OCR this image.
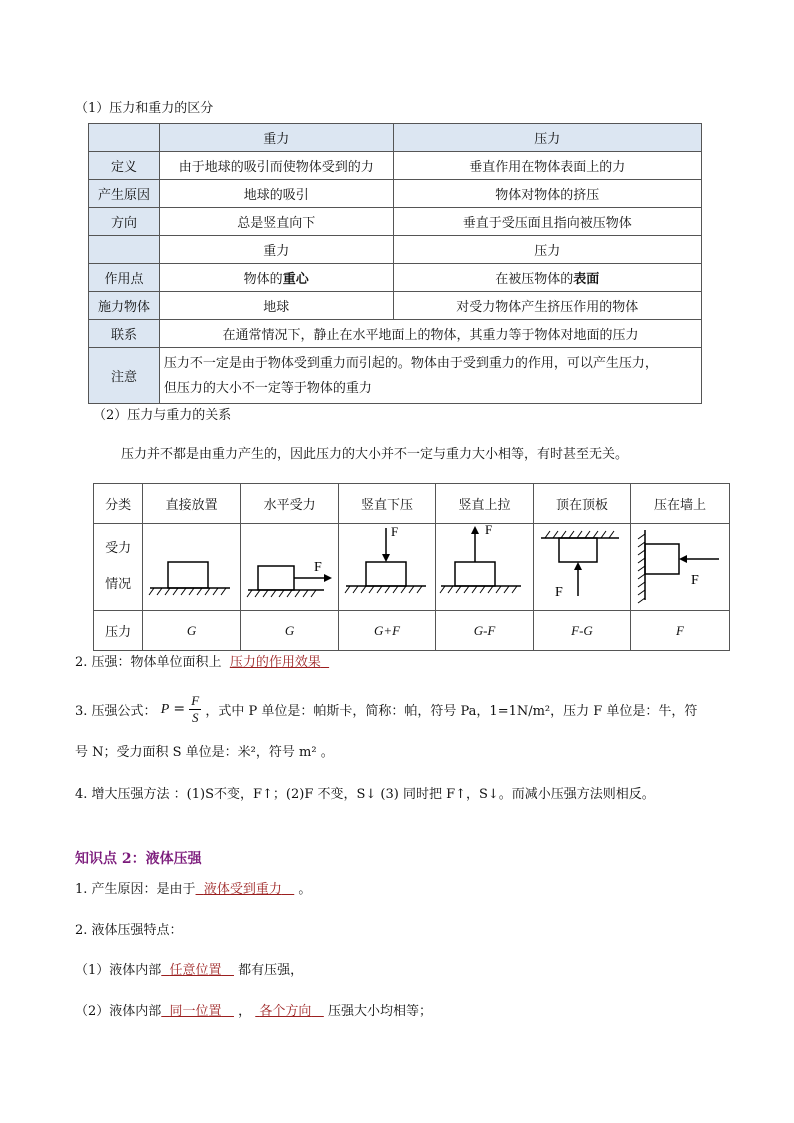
（1）压力和重力的区分
	重力	压力
定义	由于地球的吸引而使物体受到的力	垂直作用在物体表面上的力
产生原因	地球的吸引	物体对物体的挤压
方向	总是竖直向下	垂直于受压面且指向被压物体
	重力	压力
作用点	物体的重心	在被压物体的表面
施力物体	地球	对受力物体产生挤压作用的物体
联系	在通常情况下，静止在水平地面上的物体，其重力等于物体对地面的压力	
注意	压力不一定是由于物体受到重力而引起的。物体由于受到重力的作用，可以产生压力，
但压力的大小不一定等于物体的重力	
（2）压力与重力的关系
压力并不都是由重力产生的，因此压力的大小并不一定与重力大小相等，有时甚至无关。
分类	直接放置	水平受力	竖直下压	竖直上拉	顶在顶板	压在墙上

受力
情况		F	F	F	F	F

压力	G	G	G+F	G-F	F-G	F
2. 压强：物体单位面积上 压力的作用效果
3. 压强公式： $P = \frac{F}{S}$ ，式中 P 单位是：帕斯卡，简称：帕，符号 Pa，1=1N/m²，压力 F 单位是：牛，符
号 N；受力面积 S 单位是：米²，符号 m² 。
4. 增大压强方法 ：(1)S不变，F↑；(2)F 不变，S↓ (3) 同时把 F↑，S↓。而减小压强方法则相反。
知识点 2：液体压强
1. 产生原因：是由于 液体受到重力 。
2. 液体压强特点：
（1）液体内部 任意位置 都有压强，
（2）液体内部 同一位置 ， 各个方向 压强大小均相等；
